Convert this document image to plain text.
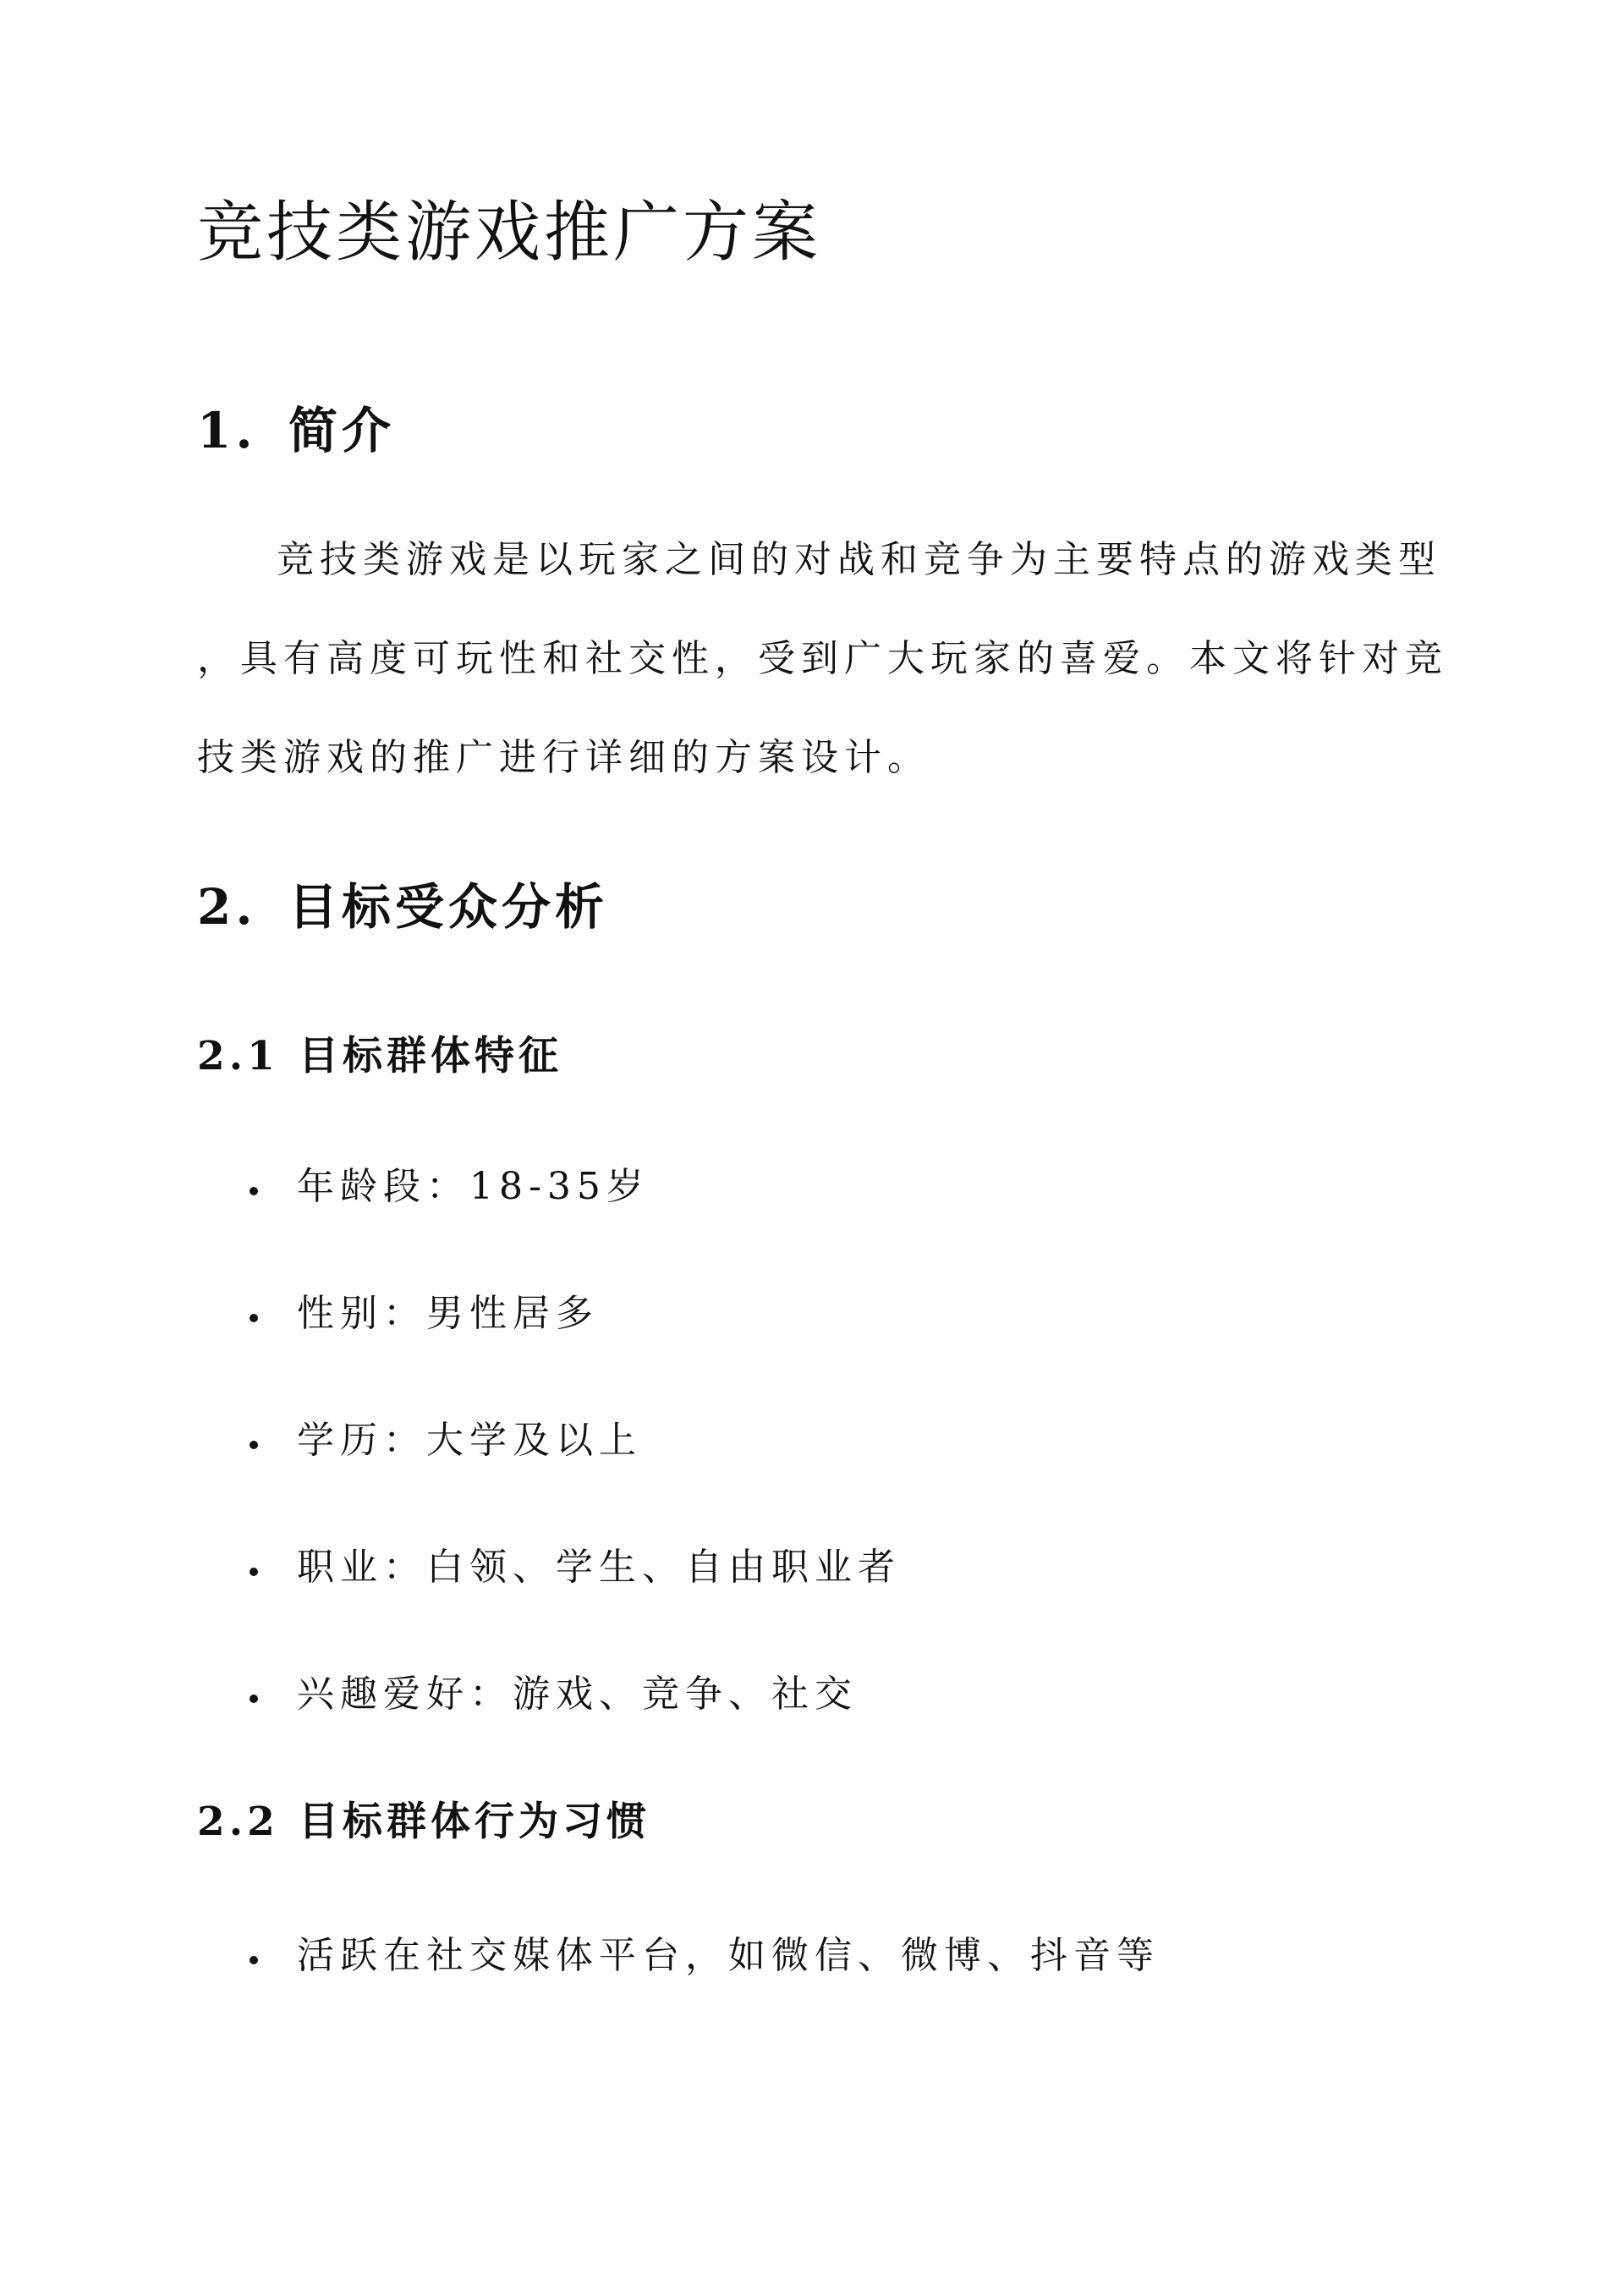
竞技类游戏推广方案
1. 简介

竞技类游戏是以玩家之间的对战和竞争为主要特点的游戏类型
，具有高度可玩性和社交性，受到广大玩家的喜爱。本文将针对竞
技类游戏的推广进行详细的方案设计。

2. 目标受众分析
2.1 目标群体特征
年龄段：18-35岁
性别：男性居多
学历：大学及以上
职业：白领、学生、自由职业者
兴趣爱好：游戏、竞争、社交
2.2 目标群体行为习惯
活跃在社交媒体平台，如微信、微博、抖音等
